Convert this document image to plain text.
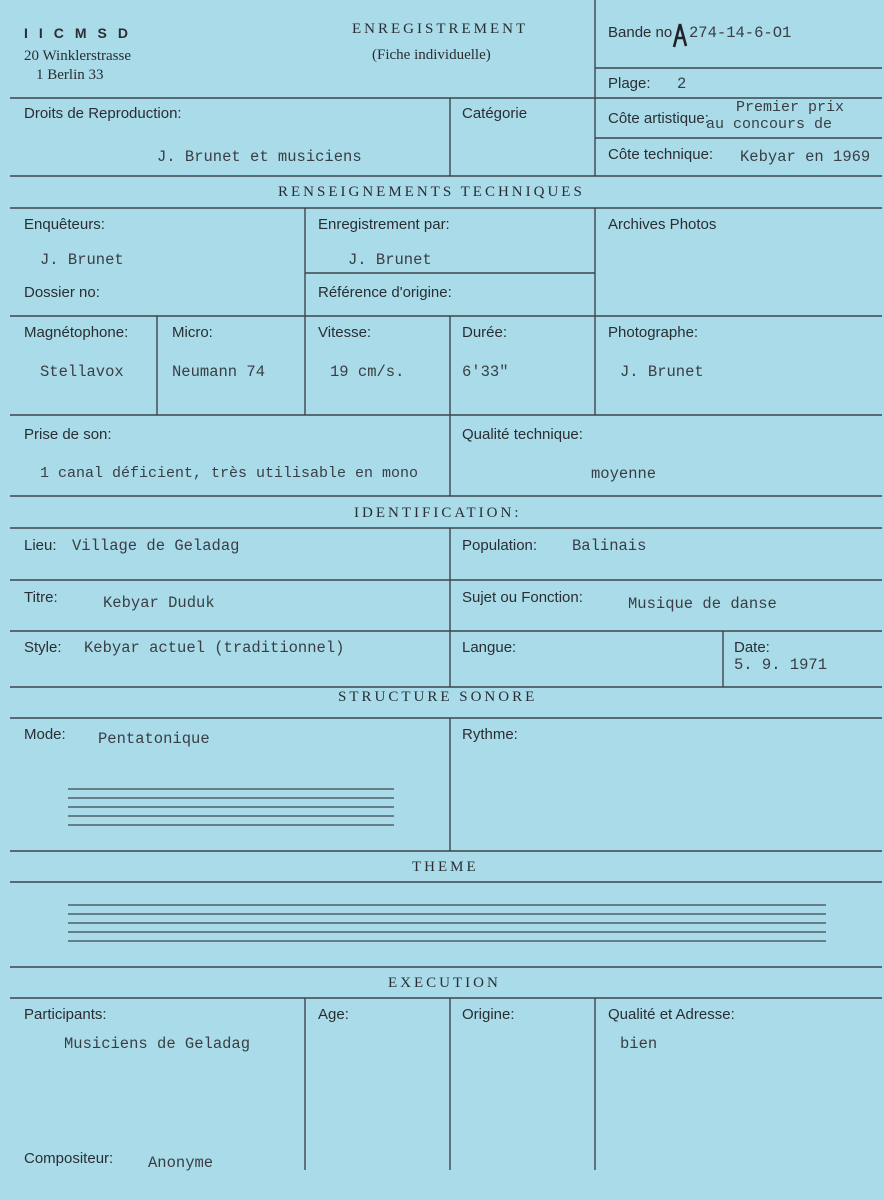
IICMSD
20 Winklerstrasse
1 Berlin 33
ENREGISTREMENT
(Fiche individuelle)
Bande no 274-14-6-O1
Plage: 2
Droits de Reproduction:
J. Brunet et musiciens
Catégorie	Côte artistique:
Premier prix
au concours de
Côte technique: Kebyar en 1969
RENSEIGNEMENTS TECHNIQUES
Enquêteurs:
J. Brunet
Enregistrement par:
J. Brunet
Archives Photos
Dossier no:	Référence d'origine:
Magnétophone:
Stellavox
Micro:
Neumann 74
Vitesse:
19 cm/s.
Durée:
6'33"
Photographe:
J. Brunet
Prise de son:
1 canal déficient, très utilisable en mono
Qualité technique:
moyenne
IDENTIFICATION:
Lieu: Village de Geladag	Population: Balinais
Titre:	Kebyar Duduk	Sujet ou Fonction:	Musique de danse
Style: Kebyar actuel (traditionnel)	Langue:	Date:
5. 9. 1971
STRUCTURE SONORE
Mode: Pentatonique	Rythme:
THEME
EXECUTION
Participants:
Musiciens de Geladag
Age:	Origine:	Qualité et Adresse:
bien
Compositeur: Anonyme
